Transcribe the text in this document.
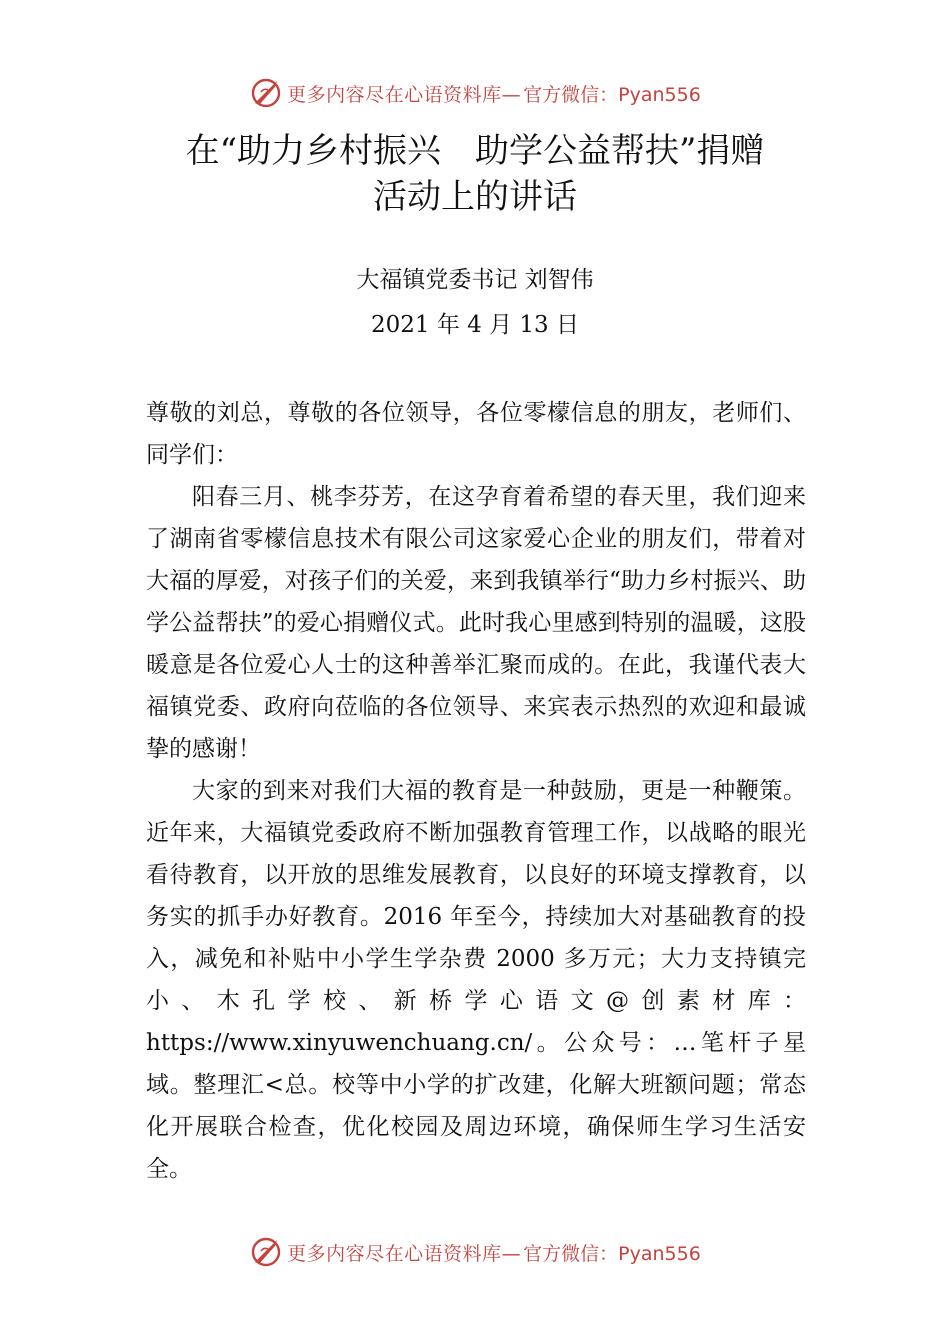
更多内容尽在心语资料库— 官方微信：Pyan556
在“助力乡村振兴　助学公益帮扶”捐赠
活动上的讲话
大福镇党委书记 刘智伟
2021 年 4 月 13 日

尊敬的刘总，尊敬的各位领导，各位零檬信息的朋友，老师们、同学们：

阳春三月、桃李芬芳，在这孕育着希望的春天里，我们迎来了湖南省零檬信息技术有限公司这家爱心企业的朋友们，带着对大福的厚爱，对孩子们的关爱，来到我镇举行“助力乡村振兴、助学公益帮扶”的爱心捐赠仪式。此时我心里感到特别的温暖，这股暖意是各位爱心人士的这种善举汇聚而成的。在此，我谨代表大福镇党委、政府向莅临的各位领导、来宾表示热烈的欢迎和最诚挚的感谢！

大家的到来对我们大福的教育是一种鼓励，更是一种鞭策。近年来，大福镇党委政府不断加强教育管理工作，以战略的眼光看待教育，以开放的思维发展教育，以良好的环境支撑教育，以务实的抓手办好教育。2016 年至今，持续加大对基础教育的投入，减免和补贴中小学生学杂费 2000 多万元；大力支持镇完小、木孔学校、新桥学心语文@创素材库：https://www.xinyuwenchuang.cn/。公众号：…笔杆子星域。整理汇<总。校等中小学的扩改建，化解大班额问题；常态化开展联合检查，优化校园及周边环境，确保师生学习生活安全。

更多内容尽在心语资料库— 官方微信：Pyan556
